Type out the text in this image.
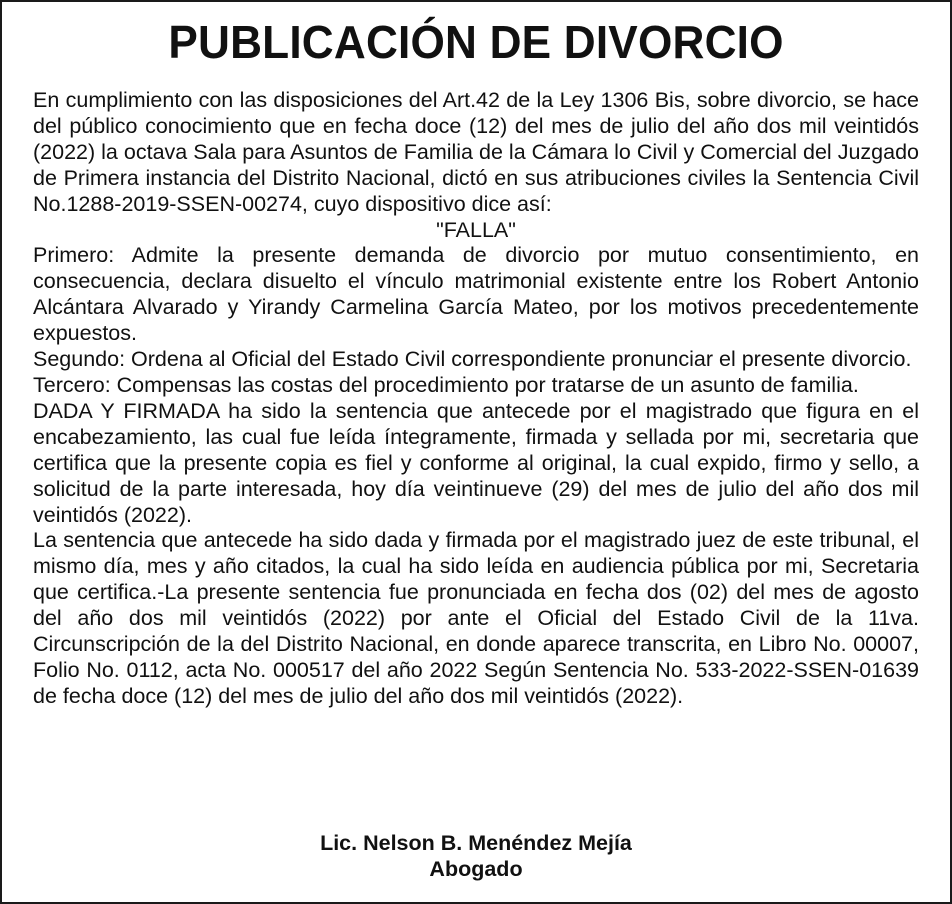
PUBLICACIÓN DE DIVORCIO

En cumplimiento con las disposiciones del Art.42 de la Ley 1306 Bis, sobre divorcio, se hace del público conocimiento que en fecha doce (12) del mes de julio del año dos mil veintidós (2022) la octava Sala para Asuntos de Familia de la Cámara lo Civil y Comercial del Juzgado de Primera instancia del Distrito Nacional, dictó en sus atribuciones civiles la Sentencia Civil No.1288-2019-SSEN-00274, cuyo dispositivo dice así:

"FALLA"

Primero: Admite la presente demanda de divorcio por mutuo consentimiento, en consecuencia, declara disuelto el vínculo matrimonial existente entre los Robert Antonio Alcántara Alvarado y Yirandy Carmelina García Mateo, por los motivos precedentemente expuestos.

Segundo: Ordena al Oficial del Estado Civil correspondiente pronunciar el presente divorcio.

Tercero: Compensas las costas del procedimiento por tratarse de un asunto de familia.

DADA Y FIRMADA ha sido la sentencia que antecede por el magistrado que figura en el encabezamiento, las cual fue leída íntegramente, firmada y sellada por mi, secretaria que certifica que la presente copia es fiel y conforme al original, la cual expido, firmo y sello, a solicitud de la parte interesada, hoy día veintinueve (29) del mes de julio del año dos mil veintidós (2022).

La sentencia que antecede ha sido dada y firmada por el magistrado juez de este tribunal, el mismo día, mes y año citados, la cual ha sido leída en audiencia pública por mi, Secretaria que certifica.-La presente sentencia fue pronunciada en fecha dos (02) del mes de agosto del año dos mil veintidós (2022) por ante el Oficial del Estado Civil de la 11va. Circunscripción de la del Distrito Nacional, en donde aparece transcrita, en Libro No. 00007, Folio No. 0112, acta No. 000517 del año 2022 Según Sentencia No. 533-2022-SSEN-01639 de fecha doce (12) del mes de julio del año dos mil veintidós (2022).

Lic. Nelson B. Menéndez Mejía
Abogado
